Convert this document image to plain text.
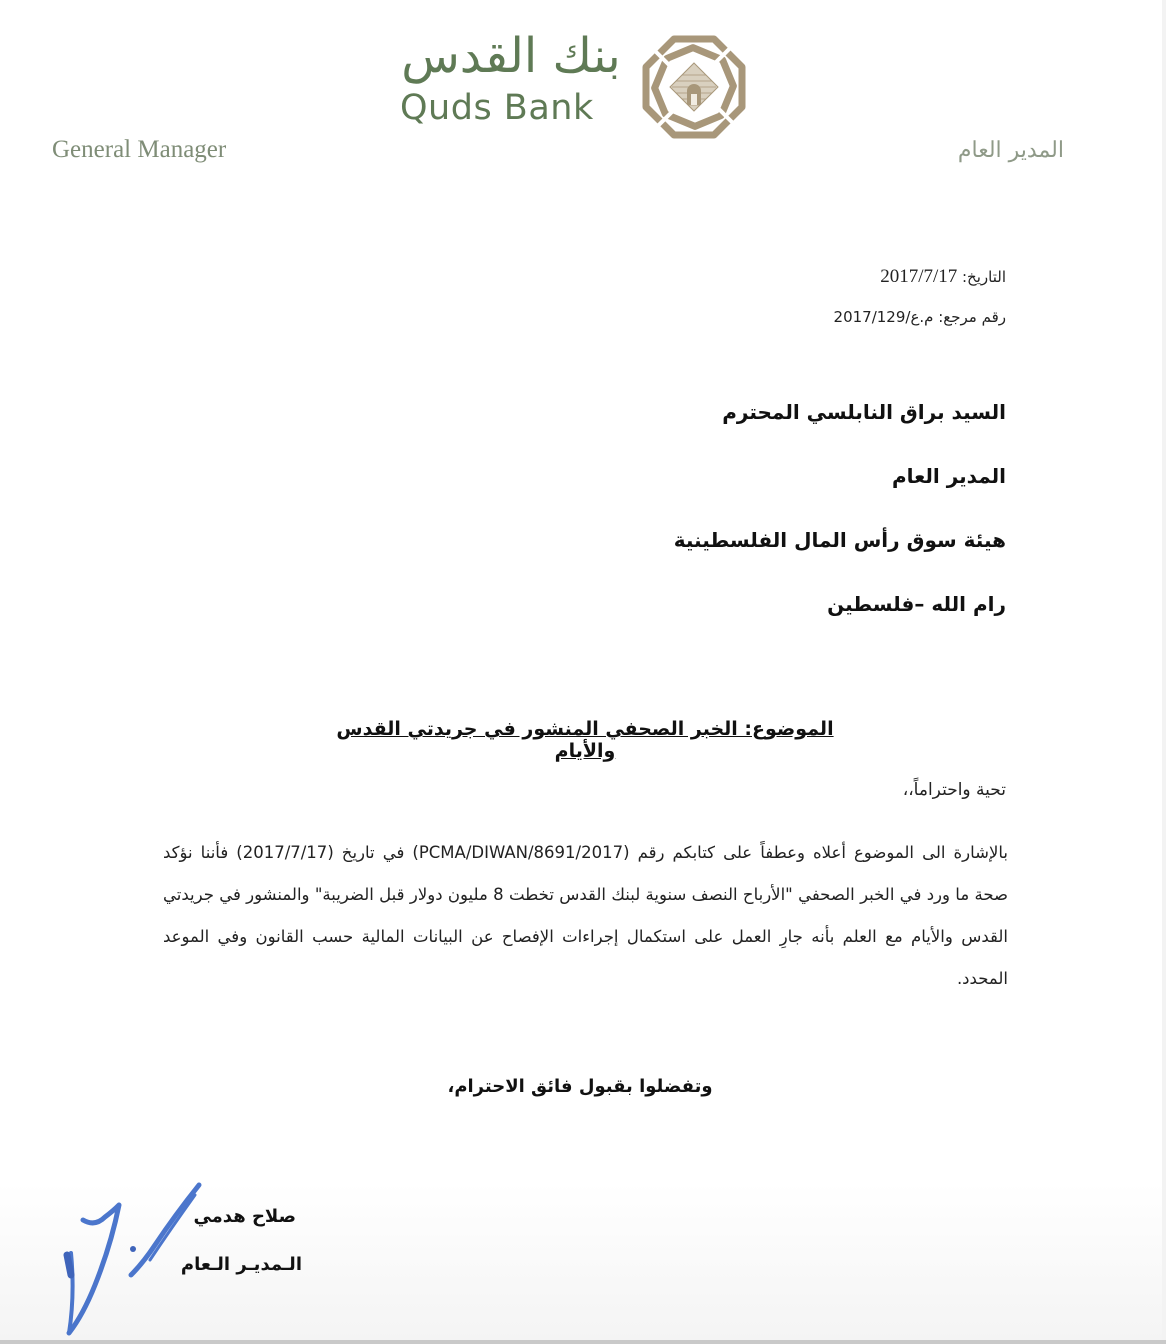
بنك القدس
Quds Bank
General Manager	المدير العام
التاريخ: 2017/7/17
رقم مرجع: م.ع/2017/129
السيد براق النابلسي المحترم
المدير العام
هيئة سوق رأس المال الفلسطينية
رام الله –فلسطين
الموضوع: الخبر الصحفي المنشور في جريدتي القدس والأيام
تحية واحتراماً،،
بالإشارة الى الموضوع أعلاه وعطفاً على كتابكم رقم (PCMA/DIWAN/8691/2017) في تاريخ (2017/7/17) فأننا نؤكد صحة ما ورد في الخبر الصحفي "الأرباح النصف سنوية لبنك القدس تخطت 8 مليون دولار قبل الضريبة" والمنشور في جريدتي القدس والأيام مع العلم بأنه جارِ العمل على استكمال إجراءات الإفصاح عن البيانات المالية حسب القانون وفي الموعد المحدد.
وتفضلوا بقبول فائق الاحترام،
صلاح هدمي
الـمديـر الـعام
